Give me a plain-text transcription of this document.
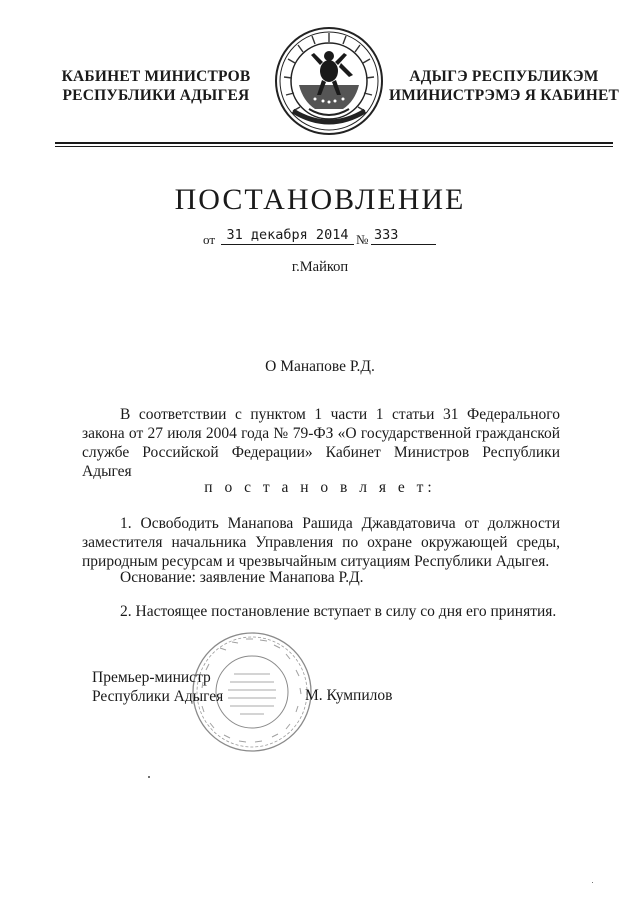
КАБИНЕТ МИНИСТРОВ
РЕСПУБЛИКИ АДЫГЕЯ
АДЫГЭ РЕСПУБЛИКЭМ
ИМИНИСТРЭМЭ Я КАБИНЕТ
ПОСТАНОВЛЕНИЕ
от 31 декабря 2014 № 333
г.Майкоп
О Манапове Р.Д.
В соответствии с пунктом 1 части 1 статьи 31 Федерального закона от 27 июля 2004 года № 79-ФЗ «О государственной гражданской службе Российской Федерации» Кабинет Министров Республики Адыгея
п о с т а н о в л я е т:
1. Освободить Манапова Рашида Джавдатовича от должности заместителя начальника Управления по охране окружающей среды, природным ресурсам и чрезвычайным ситуациям Республики Адыгея.
Основание: заявление Манапова Р.Д.
2. Настоящее постановление вступает в силу со дня его принятия.
Премьер-министр
Республики Адыгея	М. Кумпилов
